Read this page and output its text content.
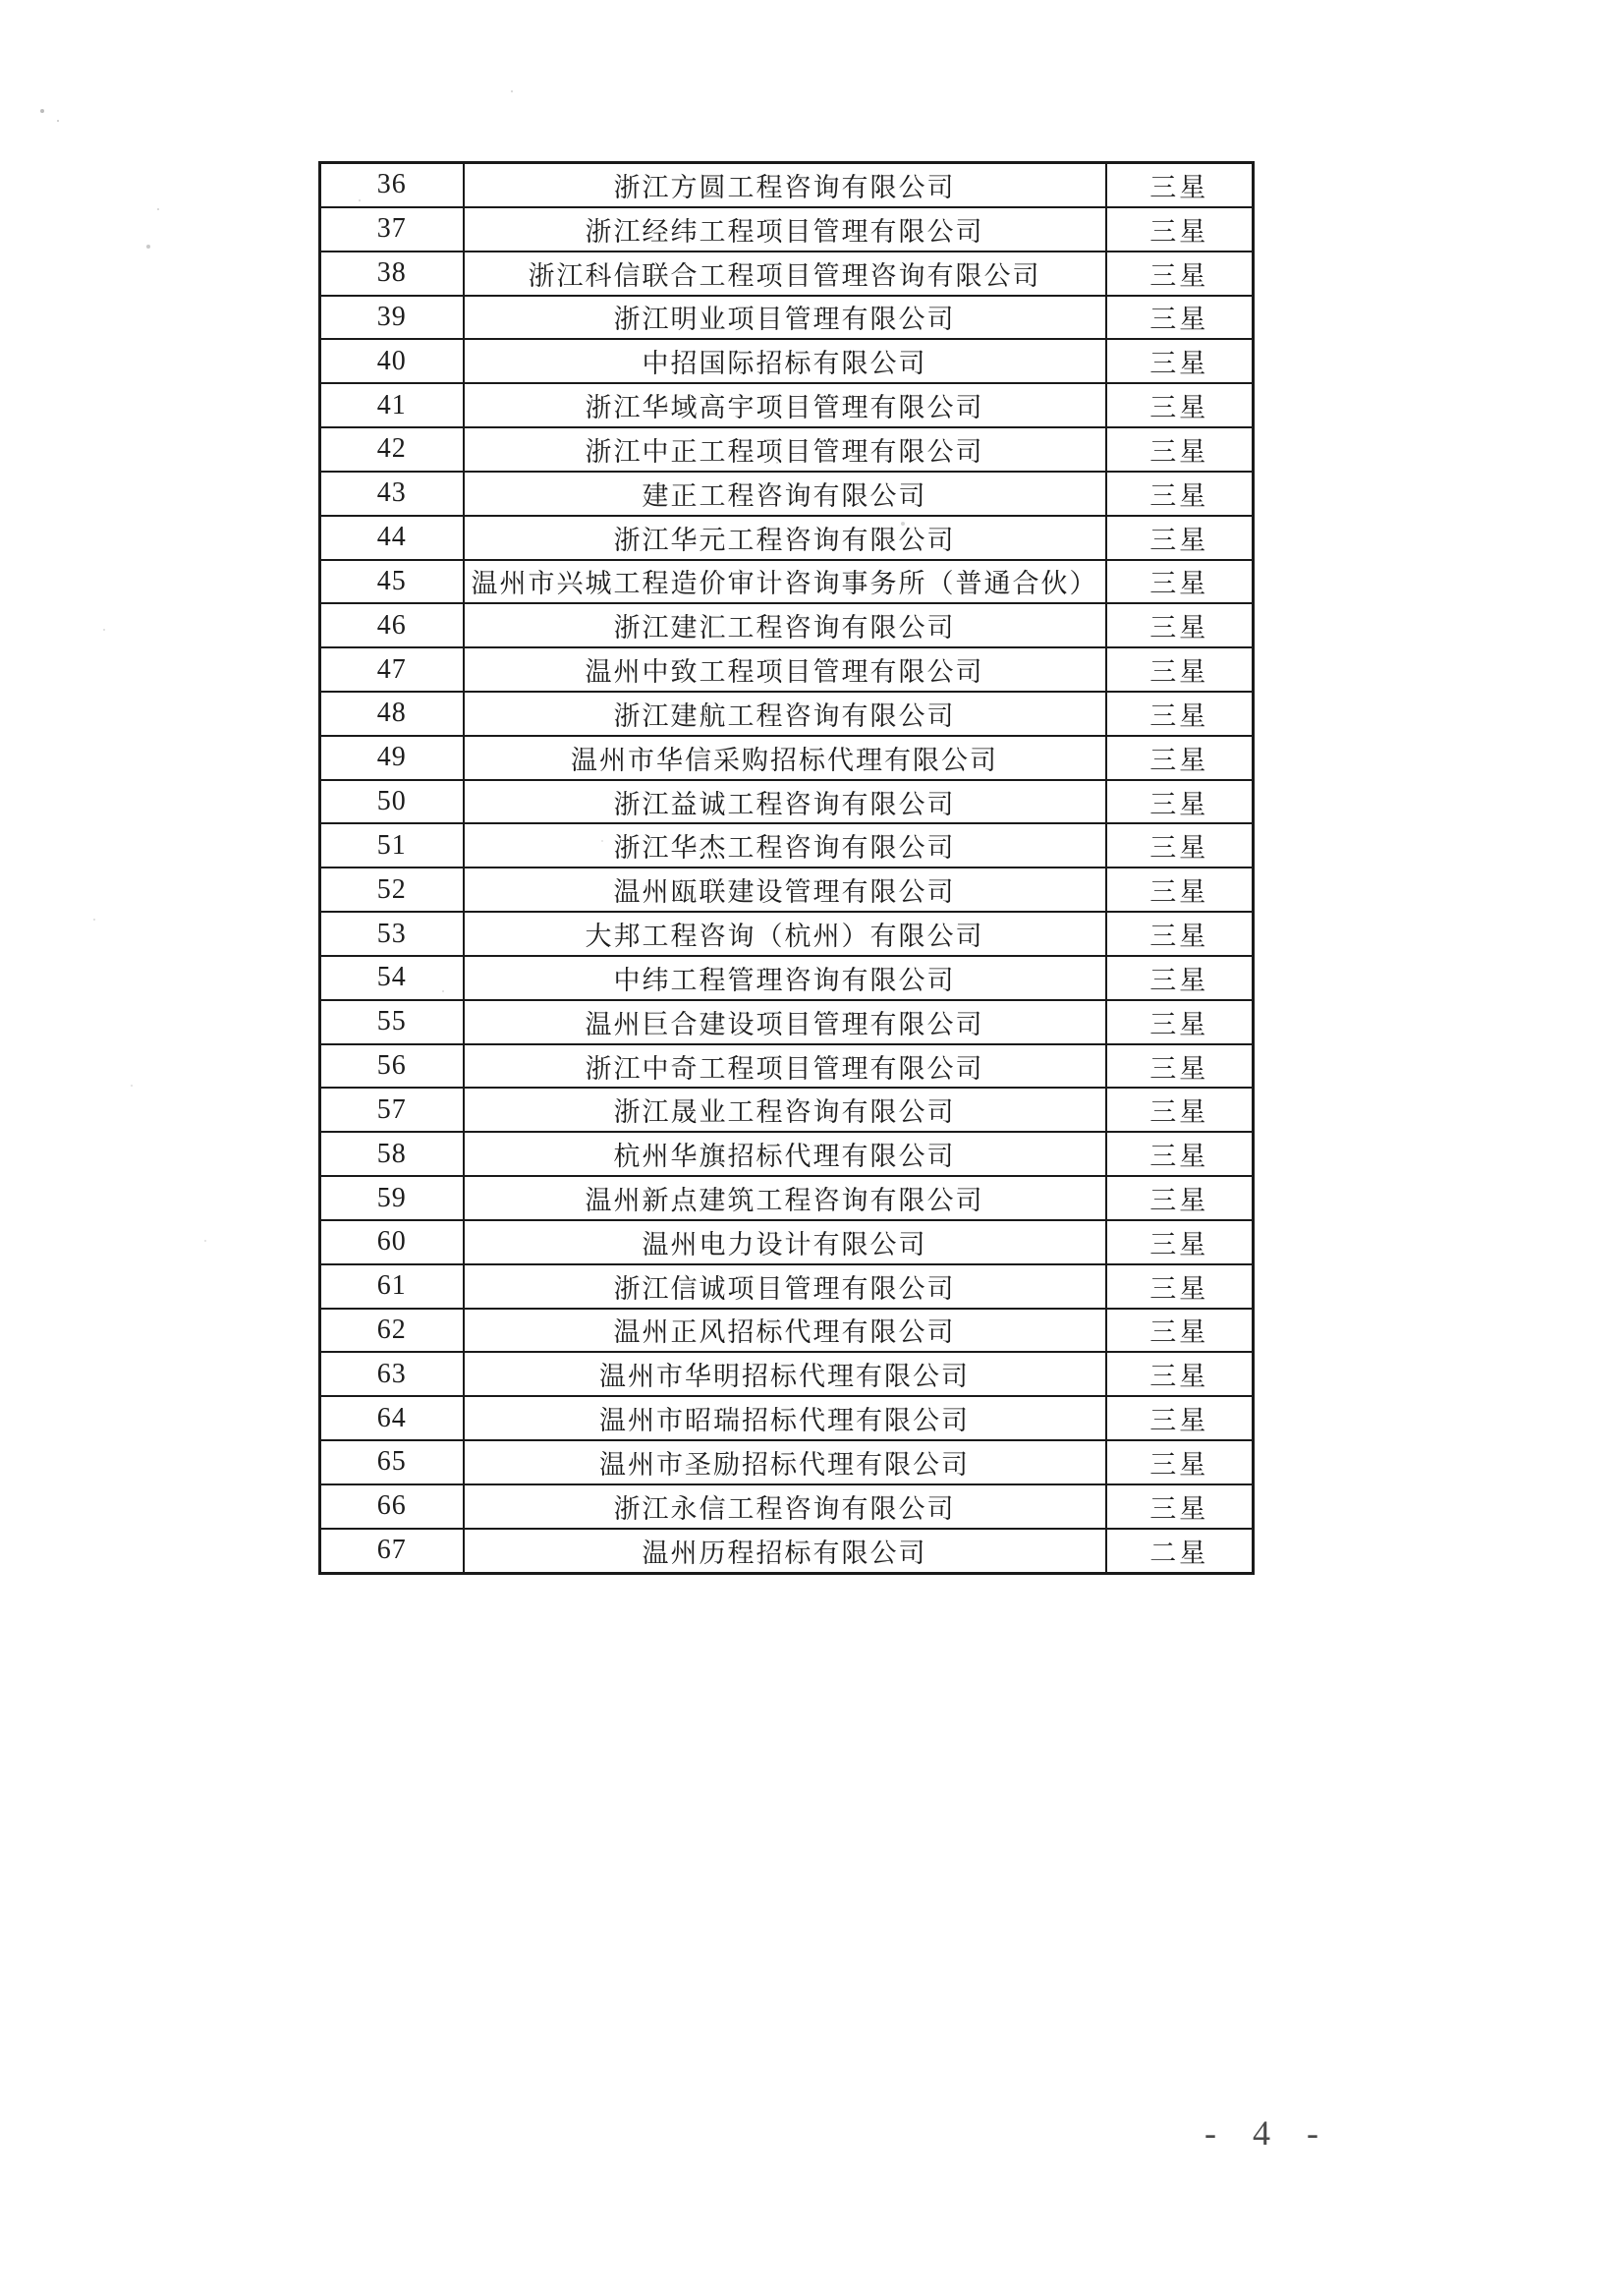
36	浙江方圆工程咨询有限公司	三星
37	浙江经纬工程项目管理有限公司	三星
38	浙江科信联合工程项目管理咨询有限公司	三星
39	浙江明业项目管理有限公司	三星
40	中招国际招标有限公司	三星
41	浙江华域高宇项目管理有限公司	三星
42	浙江中正工程项目管理有限公司	三星
43	建正工程咨询有限公司	三星
44	浙江华元工程咨询有限公司	三星
45	温州市兴城工程造价审计咨询事务所（普通合伙）	三星
46	浙江建汇工程咨询有限公司	三星
47	温州中致工程项目管理有限公司	三星
48	浙江建航工程咨询有限公司	三星
49	温州市华信采购招标代理有限公司	三星
50	浙江益诚工程咨询有限公司	三星
51	浙江华杰工程咨询有限公司	三星
52	温州瓯联建设管理有限公司	三星
53	大邦工程咨询（杭州）有限公司	三星
54	中纬工程管理咨询有限公司	三星
55	温州巨合建设项目管理有限公司	三星
56	浙江中奇工程项目管理有限公司	三星
57	浙江晟业工程咨询有限公司	三星
58	杭州华旗招标代理有限公司	三星
59	温州新点建筑工程咨询有限公司	三星
60	温州电力设计有限公司	三星
61	浙江信诚项目管理有限公司	三星
62	温州正风招标代理有限公司	三星
63	温州市华明招标代理有限公司	三星
64	温州市昭瑞招标代理有限公司	三星
65	温州市圣励招标代理有限公司	三星
66	浙江永信工程咨询有限公司	三星
67	温州历程招标有限公司	二星
- 4 -
